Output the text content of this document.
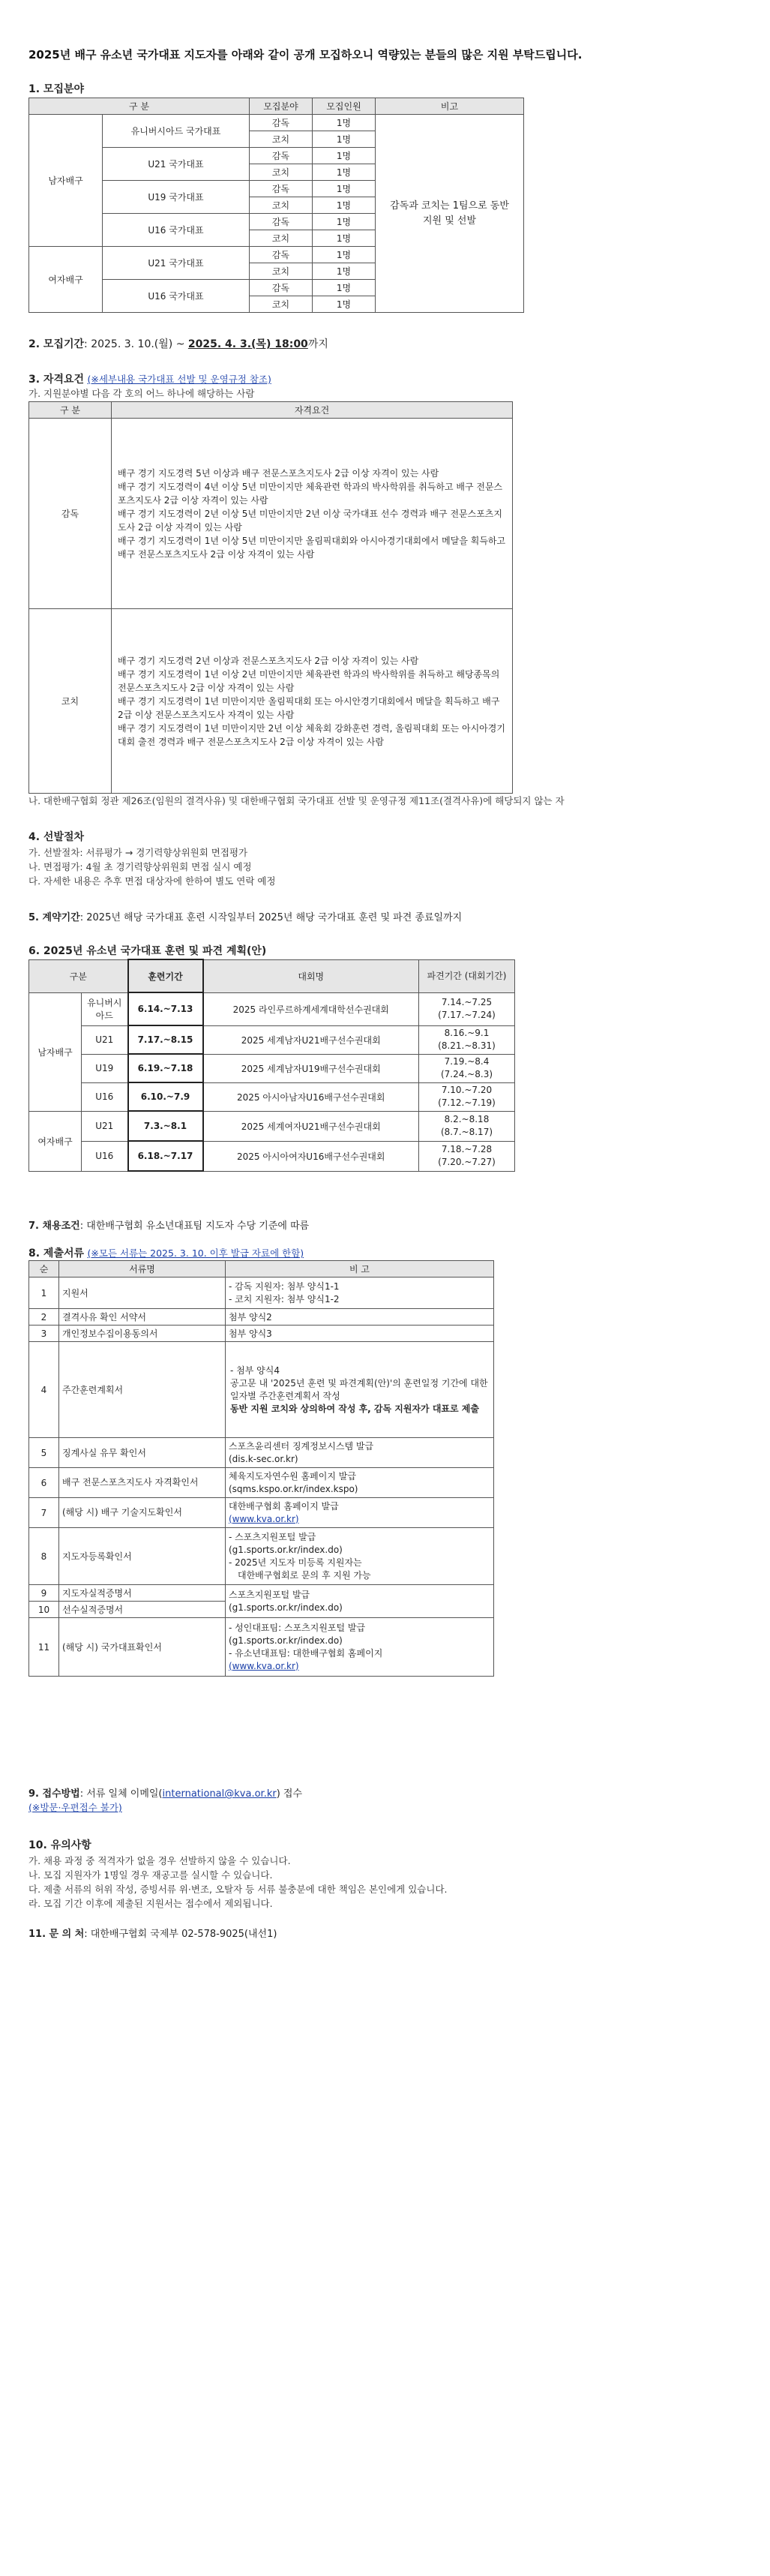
2025년 배구 유소년 국가대표 지도자를 아래와 같이 공개 모집하오니 역량있는 분들의 많은 지원 부탁드립니다.
1. 모집분야
구 분		모집분야	모집인원	비고
남자배구	유니버시아드 국가대표	감독	1명	감독과 코치는 1팀으로 동반 지원 및 선발
		코치	1명	
	U21 국가대표	감독	1명	
		코치	1명	
	U19 국가대표	감독	1명	
		코치	1명	
	U16 국가대표	감독	1명	
		코치	1명	
여자배구	U21 국가대표	감독	1명	
		코치	1명	
	U16 국가대표	감독	1명	
		코치	1명	
2. 모집기간: 2025. 3. 10.(월) ~ 2025. 4. 3.(목) 18:00까지
3. 자격요건 (※세부내용 국가대표 선발 및 운영규정 참조)
가. 지원분야별 다음 각 호의 어느 하나에 해당하는 사람
구 분	자격요건
감독	배구 경기 지도경력 5년 이상과 배구 전문스포츠지도사 2급 이상 자격이 있는 사람
배구 경기 지도경력이 4년 이상 5년 미만이지만 체육관련 학과의 박사학위를 취득하고 배구 전문스포츠지도사 2급 이상 자격이 있는 사람
배구 경기 지도경력이 2년 이상 5년 미만이지만 2년 이상 국가대표 선수 경력과 배구 전문스포츠지도사 2급 이상 자격이 있는 사람
배구 경기 지도경력이 1년 이상 5년 미만이지만 올림픽대회와 아시아경기대회에서 메달을 획득하고 배구 전문스포츠지도사 2급 이상 자격이 있는 사람

코치	배구 경기 지도경력 2년 이상과 전문스포츠지도사 2급 이상 자격이 있는 사람
배구 경기 지도경력이 1년 이상 2년 미만이지만 체육관련 학과의 박사학위를 취득하고 해당종목의 전문스포츠지도사 2급 이상 자격이 있는 사람
배구 경기 지도경력이 1년 미만이지만 올림픽대회 또는 아시안경기대회에서 메달을 획득하고 배구 2급 이상 전문스포츠지도사 자격이 있는 사람
배구 경기 지도경력이 1년 미만이지만 2년 이상 체육회 강화훈련 경력, 올림픽대회 또는 아시아경기대회 출전 경력과 배구 전문스포츠지도사 2급 이상 자격이 있는 사람
나. 대한배구협회 정관 제26조(임원의 결격사유) 및 대한배구협회 국가대표 선발 및 운영규정 제11조(결격사유)에 해당되지 않는 자
4. 선발절차
가. 선발절차: 서류평가 → 경기력향상위원회 면접평가
나. 면접평가: 4월 초 경기력향상위원회 면접 실시 예정
다. 자세한 내용은 추후 면접 대상자에 한하여 별도 연락 예정
5. 계약기간: 2025년 해당 국가대표 훈련 시작일부터 2025년 해당 국가대표 훈련 및 파견 종료일까지
6. 2025년 유소년 국가대표 훈련 및 파견 계획(안)
구분		훈련기간	대회명	파견기간 (대회기간)
남자배구	유니버시아드	6.14.~7.13	2025 라인루르하계세계대학선수권대회	7.14.~7.25
(7.17.~7.24)

	U21	7.17.~8.15	2025 세계남자U21배구선수권대회	8.16.~9.1
(8.21.~8.31)

	U19	6.19.~7.18	2025 세계남자U19배구선수권대회	7.19.~8.4
(7.24.~8.3)

	U16	6.10.~7.9	2025 아시아남자U16배구선수권대회	7.10.~7.20
(7.12.~7.19)

여자배구	U21	7.3.~8.1	2025 세계여자U21배구선수권대회	8.2.~8.18
(8.7.~8.17)

	U16	6.18.~7.17	2025 아시아여자U16배구선수권대회	7.18.~7.28
(7.20.~7.27)
7. 채용조건: 대한배구협회 유소년대표팀 지도자 수당 기준에 따름
8. 제출서류 (※모든 서류는 2025. 3. 10. 이후 발급 자료에 한함)
순	서류명	비 고
1	지원서	- 감독 지원자: 첨부 양식1-1
- 코치 지원자: 첨부 양식1-2

2	결격사유 확인 서약서	첨부 양식2
3	개인정보수집이용동의서	첨부 양식3
4	주간훈련계획서	- 첨부 양식4
공고문 내 '2025년 훈련 및 파견계획(안)'의 훈련일정 기간에 대한 일자별 주간훈련계획서 작성
동반 지원 코치와 상의하여 작성 후, 감독 지원자가 대표로 제출

5	징계사실 유무 확인서	스포츠윤리센터 징계정보시스템 발급
(dis.k-sec.or.kr)

6	배구 전문스포츠지도사 자격확인서	체육지도자연수원 홈페이지 발급
(sqms.kspo.or.kr/index.kspo)

7	(해당 시) 배구 기술지도확인서	대한배구협회 홈페이지 발급
(www.kva.or.kr)

8	지도자등록확인서	- 스포츠지원포털 발급
(g1.sports.or.kr/index.do)
- 2025년 지도자 미등록 지원자는
대한배구협회로 문의 후 지원 가능

9	지도자실적증명서	스포츠지원포털 발급
(g1.sports.or.kr/index.do)

10	선수실적증명서	
11	(해당 시) 국가대표확인서	- 성인대표팀: 스포츠지원포털 발급
(g1.sports.or.kr/index.do)
- 유소년대표팀: 대한배구협회 홈페이지
(www.kva.or.kr)
9. 접수방법: 서류 일체 이메일(international@kva.or.kr) 접수
(※방문·우편접수 불가)
10. 유의사항
가. 채용 과정 중 적격자가 없을 경우 선발하지 않을 수 있습니다.
나. 모집 지원자가 1명일 경우 재공고를 실시할 수 있습니다.
다. 제출 서류의 허위 작성, 증빙서류 위·변조, 오탈자 등 서류 불충분에 대한 책임은 본인에게 있습니다.
라. 모집 기간 이후에 제출된 지원서는 접수에서 제외됩니다.
11. 문 의 처: 대한배구협회 국제부 02-578-9025(내선1)
